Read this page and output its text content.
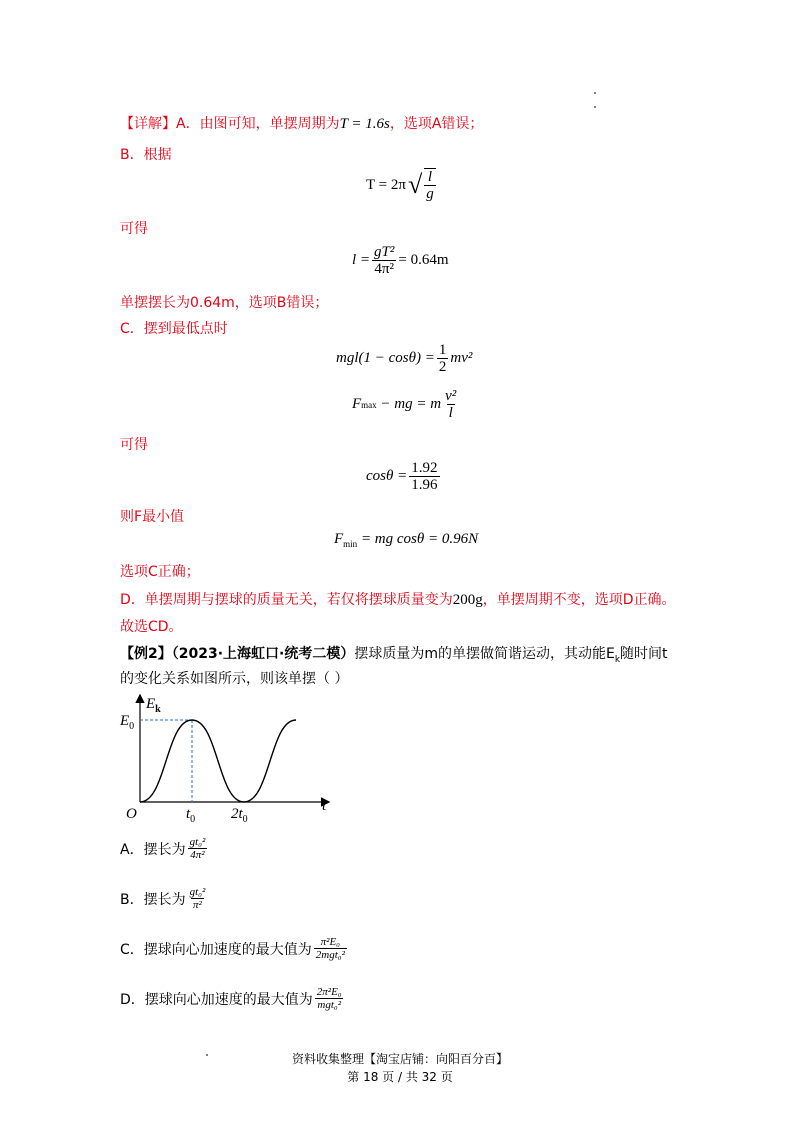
【详解】A．由图可知，单摆周期为T = 1.6s，选项A错误；
B．根据
T = 2π √ $\frac{l}{g}$
可得
$l = \frac{\text{gT²}}{\text{4π²}} = 0.64m$
单摆摆长为0.64m，选项B错误；
C．摆到最低点时
$mgl(1 - \cos\theta) = \frac{1}{2} mv^2$
F max − mg = m $\frac{\text{v²}}{l}$
可得
$\cos\theta = \frac{1.92}{1.96}$
则F最小值
$F_{min}$ = mg cosθ = 0.96N
选项C正确；
D．单摆周期与摆球的质量无关，若仅将摆球质量变为200g，单摆周期不变，选项D正确。
故选CD。
【例2】（2023·上海虹口·统考二模）摆球质量为m的单摆做简谐运动，其动能$E_k$随时间t
的变化关系如图所示，则该单摆（ ）
$E_k$
$E_0$
O	t
$t_0$ $2t_0$
A．摆长为 $\frac{\text{gt₀²}}{\text{4π²}}$
B．摆长为 $\frac{\text{gt₀²}}{\text{π²}}$
C．摆球向心加速度的最大值为 $\frac{\text{π²E₀}}{\text{2mgt₀²}}$
D．摆球向心加速度的最大值为 $\frac{\text{2π²E₀}}{\text{mgt₀²}}$
资料收集整理【淘宝店铺：向阳百分百】
第 18 页 / 共 32 页
